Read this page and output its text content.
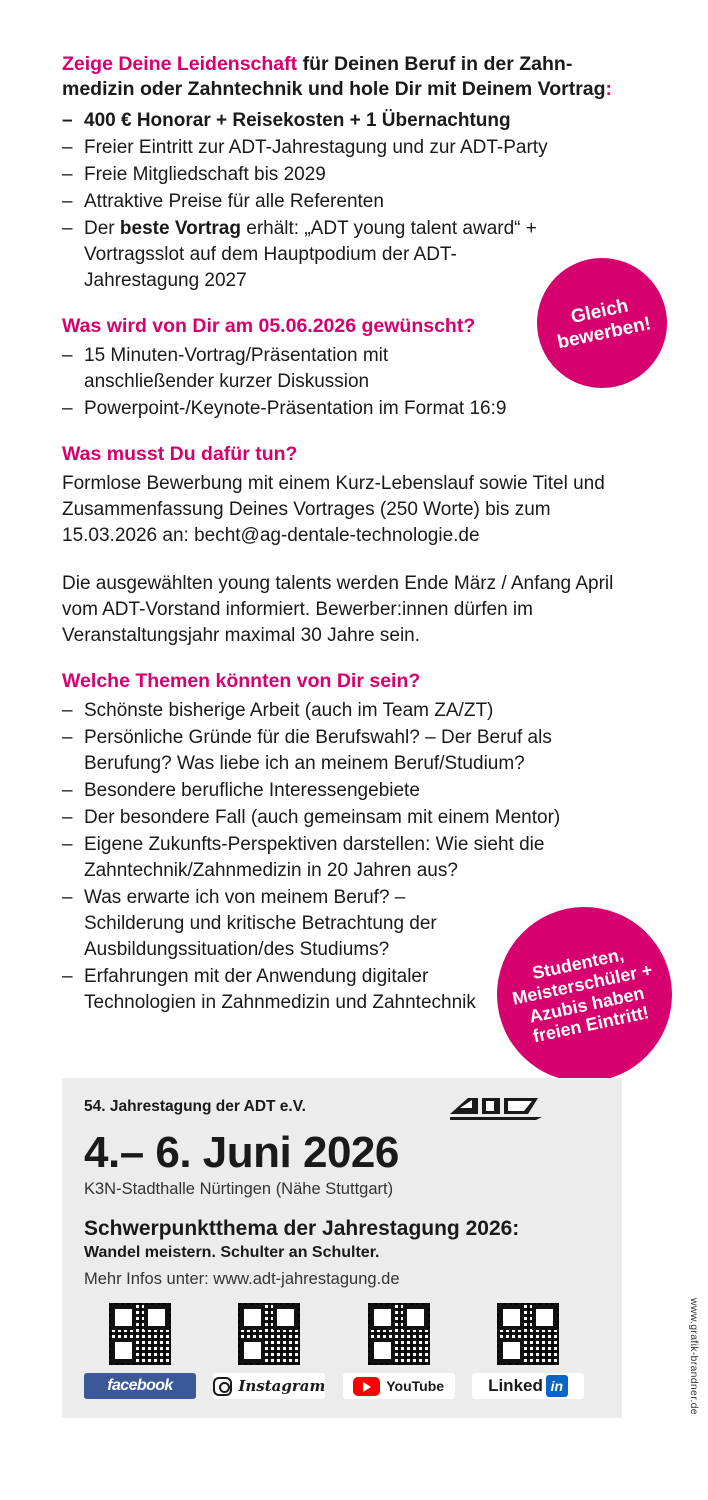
Zeige Deine Leidenschaft für Deinen Beruf in der Zahnmedizin oder Zahntechnik und hole Dir mit Deinem Vortrag:

– 400 € Honorar + Reisekosten + 1 Übernachtung
– Freier Eintritt zur ADT-Jahrestagung und zur ADT-Party
– Freie Mitgliedschaft bis 2029
– Attraktive Preise für alle Referenten
– Der beste Vortrag erhält: „ADT young talent award“ + Vortragsslot auf dem Hauptpodium der ADT-Jahrestagung 2027

Was wird von Dir am 05.06.2026 gewünscht?

– 15 Minuten-Vortrag/Präsentation mit anschließender kurzer Diskussion
– Powerpoint-/Keynote-Präsentation im Format 16:9

Was musst Du dafür tun?

Formlose Bewerbung mit einem Kurz-Lebenslauf sowie Titel und Zusammenfassung Deines Vortrages (250 Worte) bis zum 15.03.2026 an: becht@ag-dentale-technologie.de

Die ausgewählten young talents werden Ende März / Anfang April vom ADT-Vorstand informiert. Bewerber:innen dürfen im Veranstaltungsjahr maximal 30 Jahre sein.

Welche Themen könnten von Dir sein?

– Schönste bisherige Arbeit (auch im Team ZA/ZT)
– Persönliche Gründe für die Berufswahl? – Der Beruf als Berufung? Was liebe ich an meinem Beruf/Studium?
– Besondere berufliche Interessengebiete
– Der besondere Fall (auch gemeinsam mit einem Mentor)
– Eigene Zukunfts-Perspektiven darstellen: Wie sieht die Zahntechnik/Zahnmedizin in 20 Jahren aus?
– Was erwarte ich von meinem Beruf? – Schilderung und kritische Betrachtung der Ausbildungssituation/des Studiums?
– Erfahrungen mit der Anwendung digitaler Technologien in Zahnmedizin und Zahntechnik
Gleich bewerben!
Studenten, Meisterschüler + Azubis haben freien Eintritt!
54. Jahrestagung der ADT e.V.
4.– 6. Juni 2026
K3N-Stadthalle Nürtingen (Nähe Stuttgart)
Schwerpunktthema der Jahrestagung 2026:
Wandel meistern. Schulter an Schulter.
Mehr Infos unter: www.adt-jahrestagung.de
facebook	Instagram	YouTube	Linked in	www.grafik-brandner.de
